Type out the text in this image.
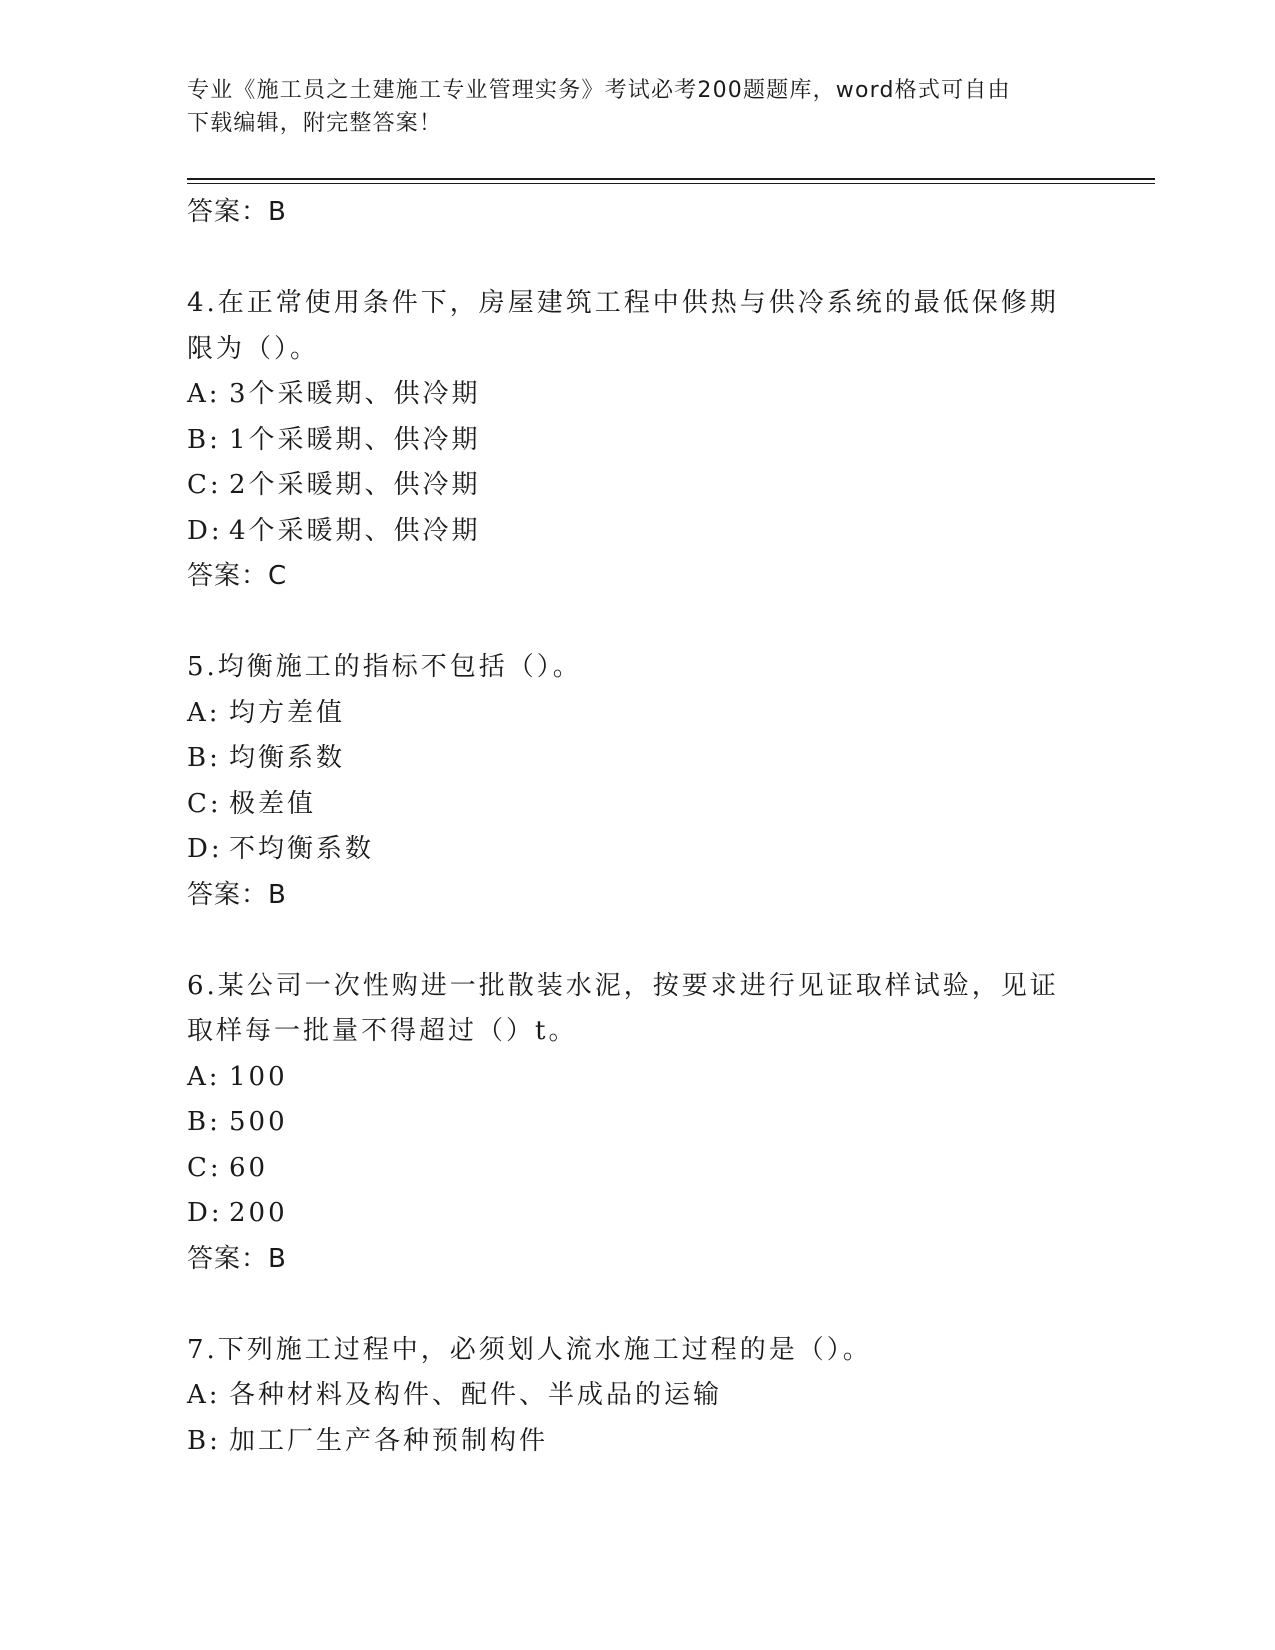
专业《施工员之土建施工专业管理实务》考试必考200题题库，word格式可自由
下载编辑，附完整答案！

答案：B

4.在正常使用条件下，房屋建筑工程中供热与供冷系统的最低保修期
限为（）。

A: 3个采暖期、供冷期

B: 1个采暖期、供冷期

C: 2个采暖期、供冷期

D: 4个采暖期、供冷期

答案：C

5.均衡施工的指标不包括（）。

A: 均方差值

B: 均衡系数

C: 极差值

D: 不均衡系数

答案：B

6.某公司一次性购进一批散装水泥，按要求进行见证取样试验，见证
取样每一批量不得超过（）t。

A: 100

B: 500

C: 60

D: 200

答案：B

7.下列施工过程中，必须划人流水施工过程的是（）。

A: 各种材料及构件、配件、半成品的运输

B: 加工厂生产各种预制构件
